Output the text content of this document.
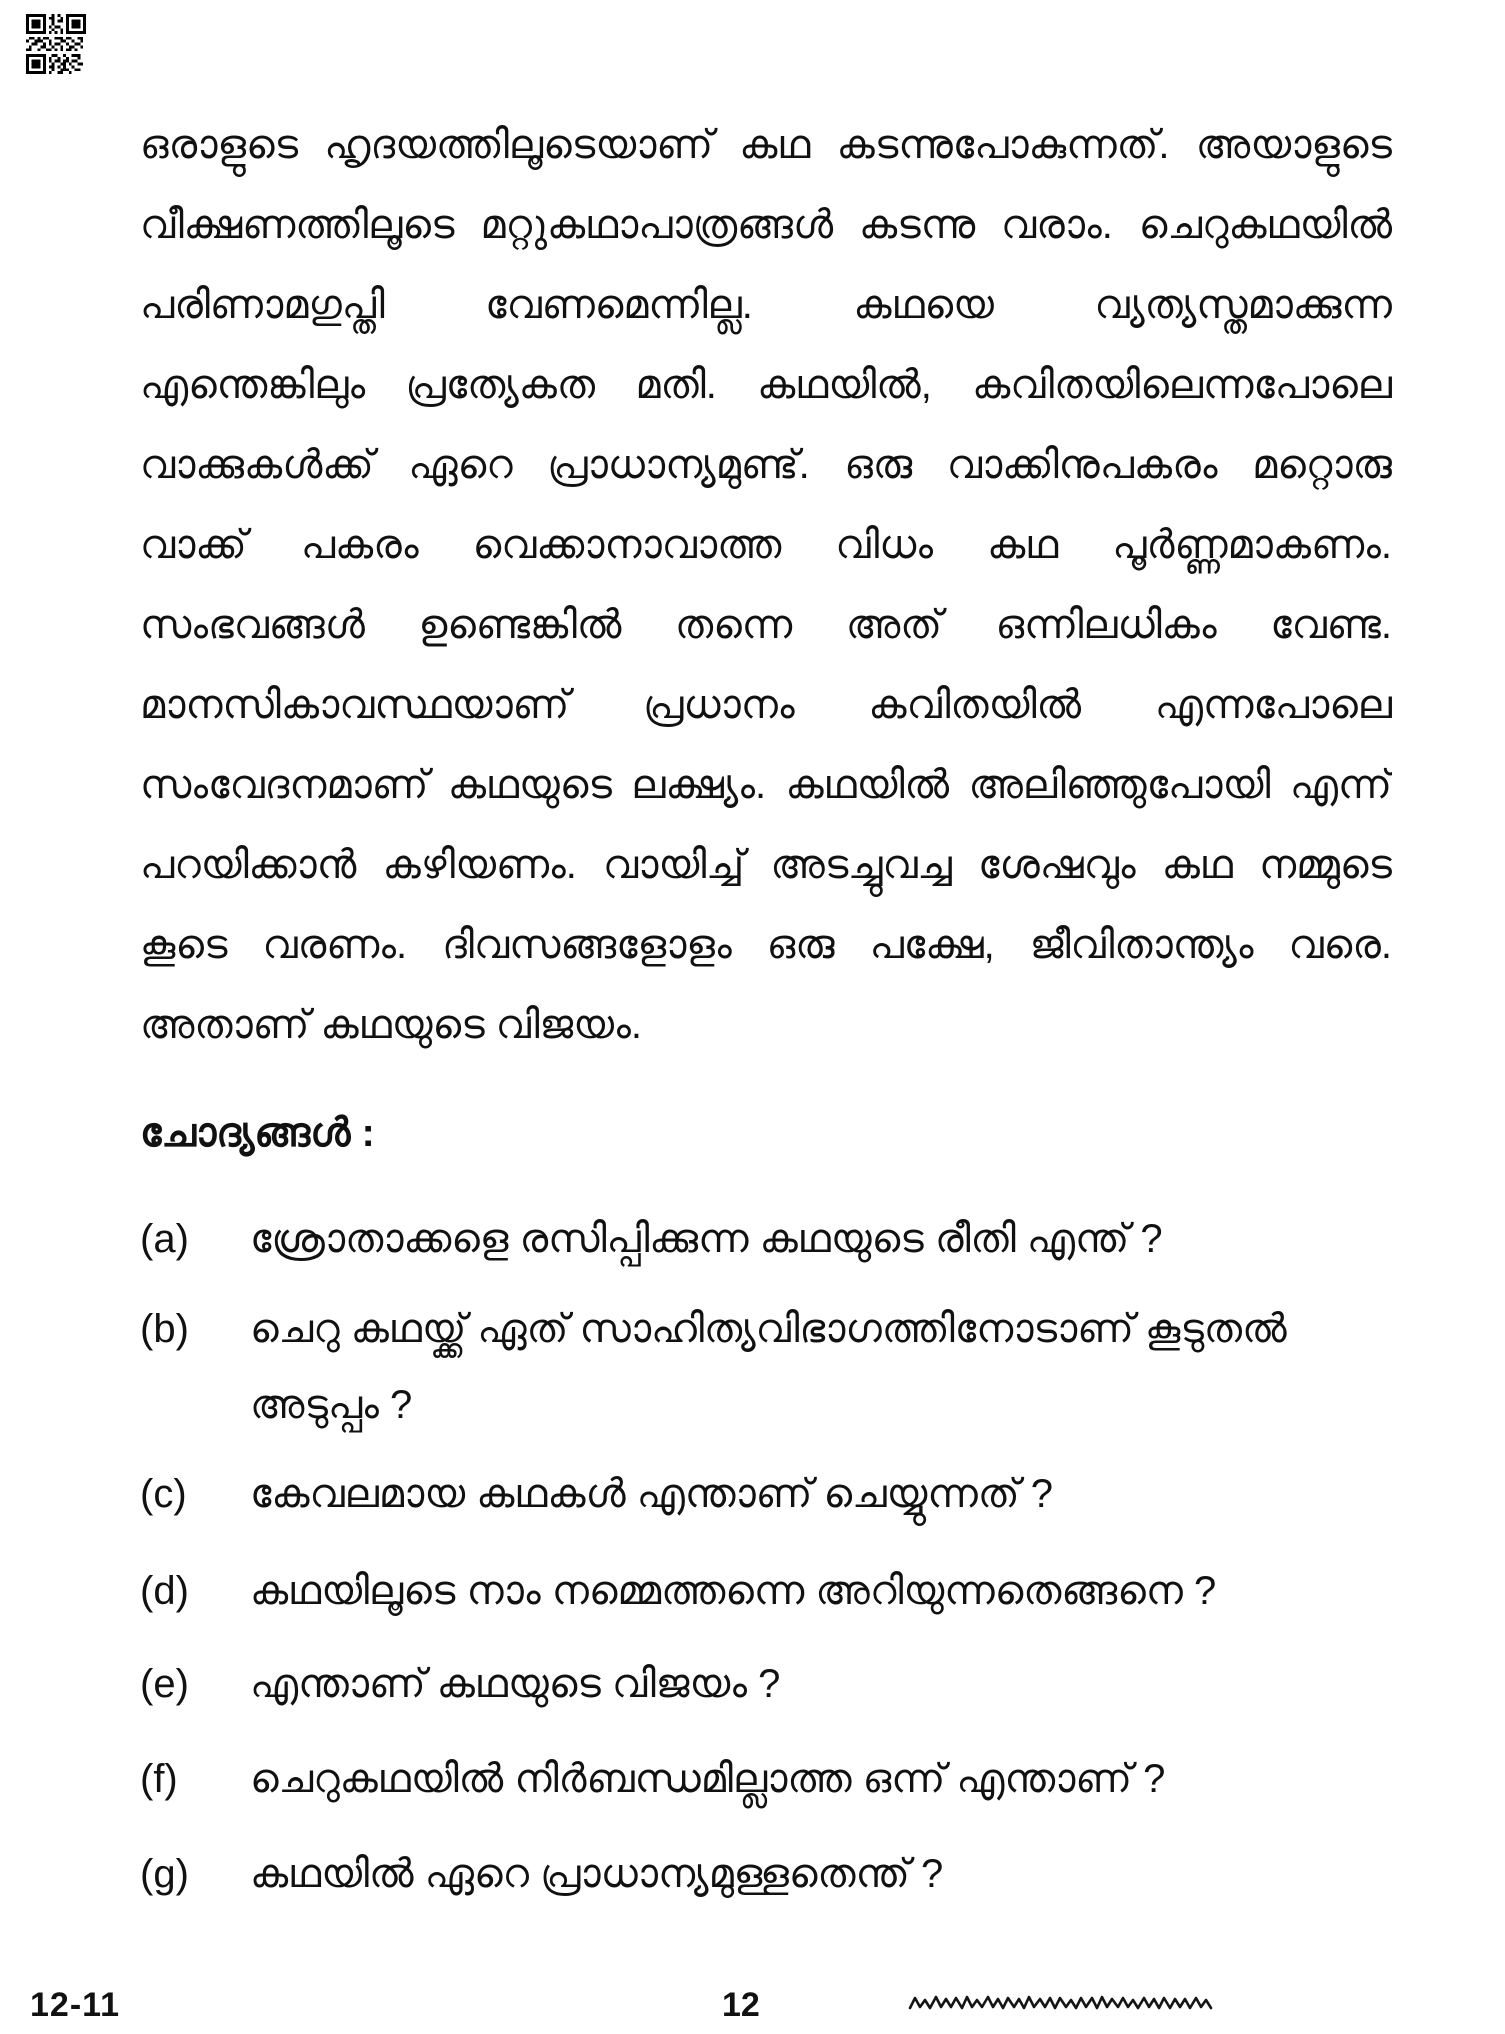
ഒരാളുടെ ഹൃദയത്തിലൂടെയാണ് കഥ കടന്നുപോകുന്നത്. അയാളുടെ
വീക്ഷണത്തിലൂടെ മറ്റുകഥാപാത്രങ്ങൾ കടന്നു വരാം. ചെറുകഥയിൽ
പരിണാമഗുപ്തി വേണമെന്നില്ല. കഥയെ വ്യത്യസ്തമാക്കുന്ന
എന്തെങ്കിലും പ്രത്യേകത മതി. കഥയിൽ, കവിതയിലെന്നപോലെ
വാക്കുകൾക്ക് ഏറെ പ്രാധാന്യമുണ്ട്. ഒരു വാക്കിനുപകരം മറ്റൊരു
വാക്ക് പകരം വെക്കാനാവാത്ത വിധം കഥ പൂർണ്ണമാകണം.
സംഭവങ്ങൾ ഉണ്ടെങ്കിൽ തന്നെ അത് ഒന്നിലധികം വേണ്ട.
മാനസികാവസ്ഥയാണ് പ്രധാനം കവിതയിൽ എന്നപോലെ
സംവേദനമാണ് കഥയുടെ ലക്ഷ്യം. കഥയിൽ അലിഞ്ഞുപോയി എന്ന്
പറയിക്കാൻ കഴിയണം. വായിച്ച് അടച്ചുവച്ച ശേഷവും കഥ നമ്മുടെ
കൂടെ വരണം. ദിവസങ്ങളോളം ഒരു പക്ഷേ, ജീവിതാന്ത്യം വരെ.
അതാണ് കഥയുടെ വിജയം.
ചോദ്യങ്ങൾ :
(a) ശ്രോതാക്കളെ രസിപ്പിക്കുന്ന കഥയുടെ രീതി എന്ത് ?
(b) ചെറു കഥയ്ക്ക് ഏത് സാഹിത്യവിഭാഗത്തിനോടാണ് കൂടുതൽ
അടുപ്പം ?
(c) കേവലമായ കഥകൾ എന്താണ് ചെയ്യുന്നത് ?
(d) കഥയിലൂടെ നാം നമ്മെത്തന്നെ അറിയുന്നതെങ്ങനെ ?
(e) എന്താണ് കഥയുടെ വിജയം ?
(f) ചെറുകഥയിൽ നിർബന്ധമില്ലാത്ത ഒന്ന് എന്താണ് ?
(g) കഥയിൽ ഏറെ പ്രാധാന്യമുള്ളതെന്ത് ?
12-11	12
